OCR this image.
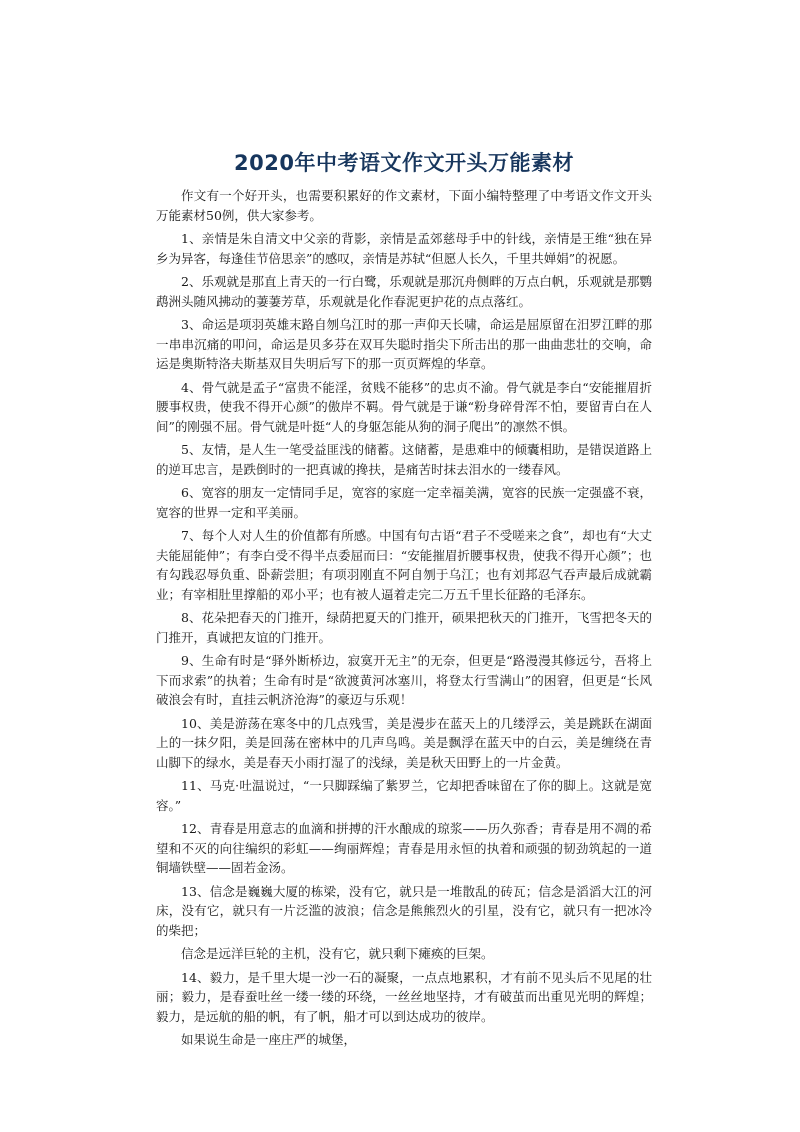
2020年中考语文作文开头万能素材

作文有一个好开头，也需要积累好的作文素材，下面小编特整理了中考语文作文开头万能素材50例，供大家参考。

1、亲情是朱自清文中父亲的背影，亲情是孟郊慈母手中的针线，亲情是王维“独在异乡为异客，每逢佳节倍思亲”的感叹，亲情是苏轼“但愿人长久，千里共婵娟”的祝愿。

2、乐观就是那直上青天的一行白鹭，乐观就是那沉舟侧畔的万点白帆，乐观就是那鹦鹉洲头随风拂动的萋萋芳草，乐观就是化作春泥更护花的点点落红。

3、命运是项羽英雄末路自刎乌江时的那一声仰天长啸，命运是屈原留在汨罗江畔的那一串串沉痛的叩问，命运是贝多芬在双耳失聪时指尖下所击出的那一曲曲悲壮的交响，命运是奥斯特洛夫斯基双目失明后写下的那一页页辉煌的华章。

4、骨气就是孟子“富贵不能淫，贫贱不能移”的忠贞不渝。骨气就是李白“安能摧眉折腰事权贵，使我不得开心颜”的傲岸不羁。骨气就是于谦“粉身碎骨浑不怕，要留青白在人间”的刚强不屈。骨气就是叶挺“人的身躯怎能从狗的洞子爬出”的凛然不惧。

5、友情，是人生一笔受益匪浅的储蓄。这储蓄，是患难中的倾囊相助，是错误道路上的逆耳忠言，是跌倒时的一把真诚的搀扶，是痛苦时抹去泪水的一缕春风。

6、宽容的朋友一定情同手足，宽容的家庭一定幸福美满，宽容的民族一定强盛不衰，宽容的世界一定和平美丽。

7、每个人对人生的价值都有所感。中国有句古语“君子不受嗟来之食”，却也有“大丈夫能屈能伸”；有李白受不得半点委屈而曰：“安能摧眉折腰事权贵，使我不得开心颜”；也有勾践忍辱负重、卧薪尝胆；有项羽刚直不阿自刎于乌江；也有刘邦忍气吞声最后成就霸业；有宰相肚里撑船的邓小平；也有被人逼着走完二万五千里长征路的毛泽东。

8、花朵把春天的门推开，绿荫把夏天的门推开，硕果把秋天的门推开，飞雪把冬天的门推开，真诚把友谊的门推开。

9、生命有时是“驿外断桥边，寂寞开无主”的无奈，但更是“路漫漫其修远兮，吾将上下而求索”的执着；生命有时是“欲渡黄河冰塞川，将登太行雪满山”的困窘，但更是“长风破浪会有时，直挂云帆济沧海”的豪迈与乐观！

10、美是游荡在寒冬中的几点残雪，美是漫步在蓝天上的几缕浮云，美是跳跃在湖面上的一抹夕阳，美是回荡在密林中的几声鸟鸣。美是飘浮在蓝天中的白云，美是缠绕在青山脚下的绿水，美是春天小雨打湿了的浅绿，美是秋天田野上的一片金黄。

11、马克·吐温说过，“一只脚踩编了紫罗兰，它却把香味留在了你的脚上。这就是宽容。”

12、青春是用意志的血滴和拼搏的汗水酿成的琼浆——历久弥香；青春是用不凋的希望和不灭的向往编织的彩虹——绚丽辉煌；青春是用永恒的执着和顽强的韧劲筑起的一道铜墙铁壁——固若金汤。

13、信念是巍巍大厦的栋梁，没有它，就只是一堆散乱的砖瓦；信念是滔滔大江的河床，没有它，就只有一片泛滥的波浪；信念是熊熊烈火的引星，没有它，就只有一把冰冷的柴把；

信念是远洋巨轮的主机，没有它，就只剩下瘫痪的巨架。

14、毅力，是千里大堤一沙一石的凝聚，一点点地累积，才有前不见头后不见尾的壮丽；毅力，是春蚕吐丝一缕一缕的环绕，一丝丝地坚持，才有破茧而出重见光明的辉煌；毅力，是远航的船的帆，有了帆，船才可以到达成功的彼岸。

如果说生命是一座庄严的城堡，
